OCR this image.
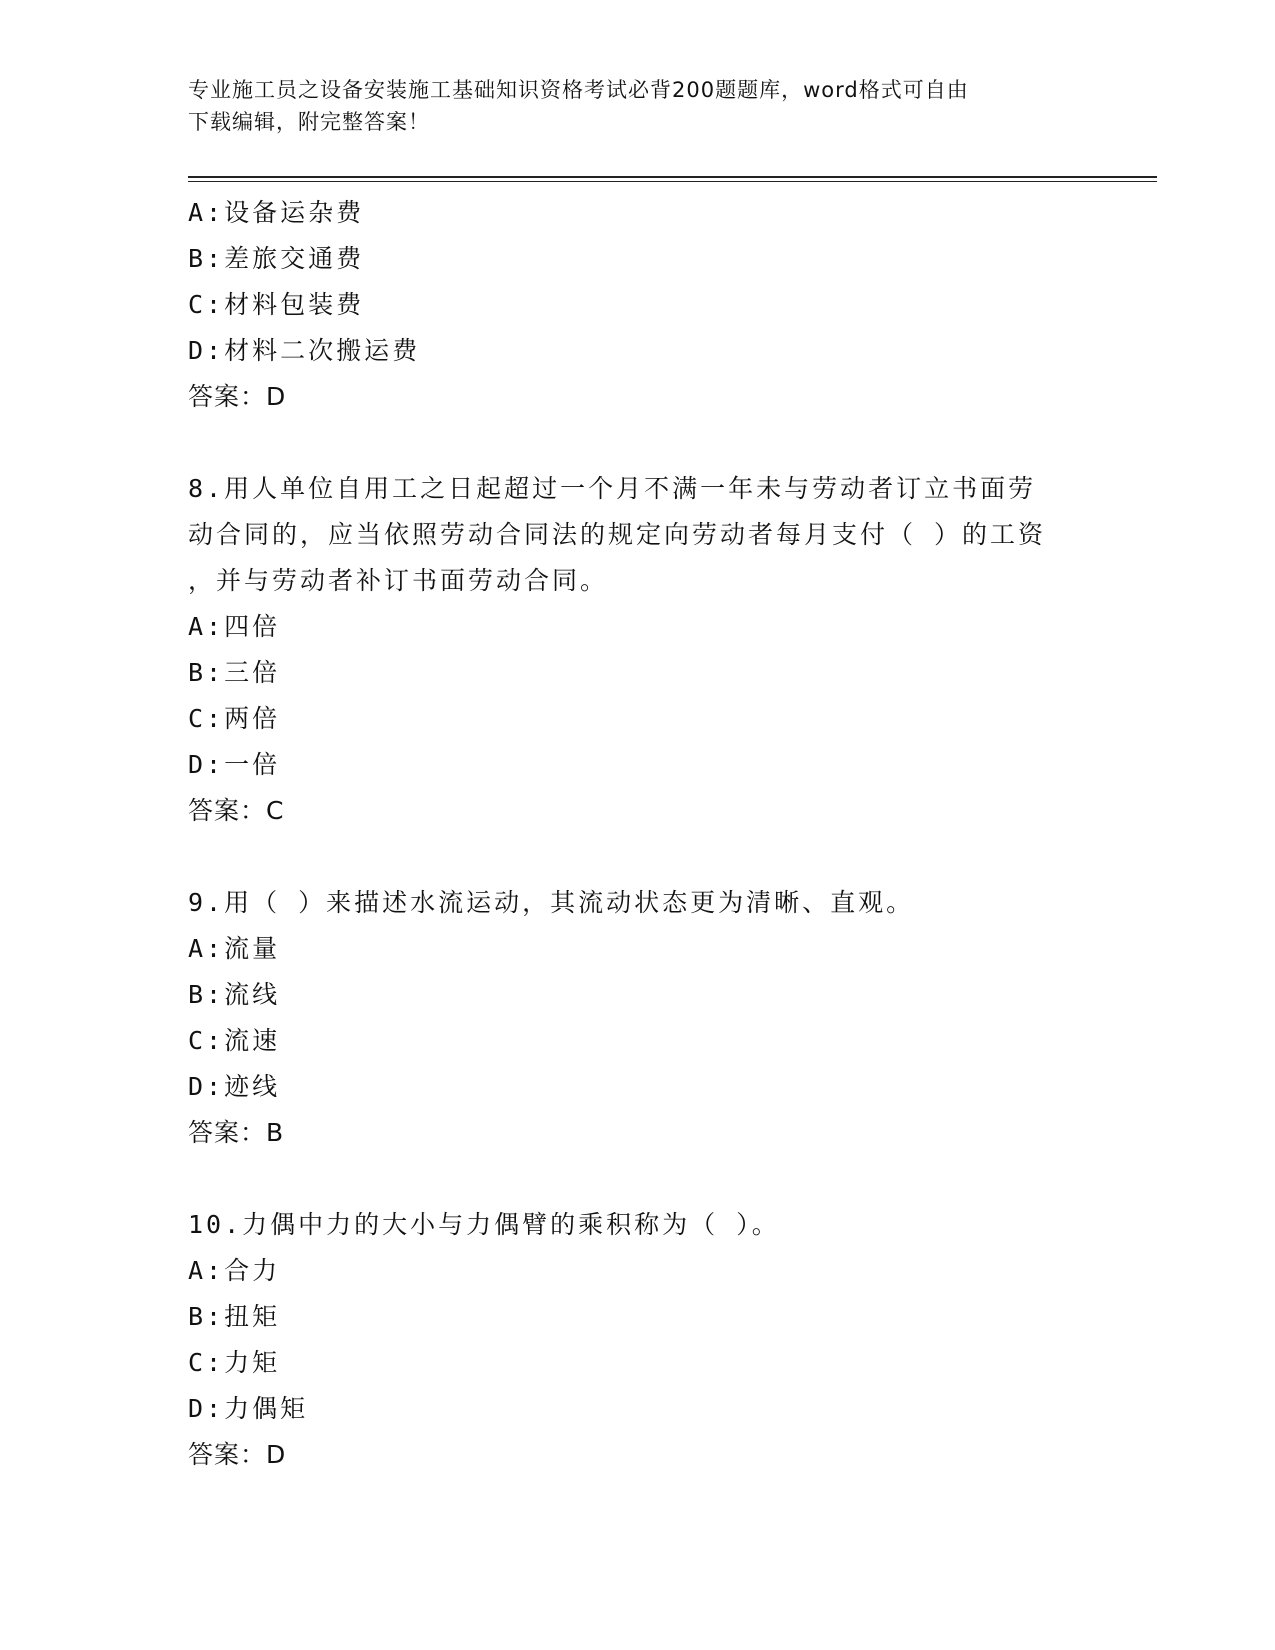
专业施工员之设备安装施工基础知识资格考试必背200题题库，word格式可自由
下载编辑，附完整答案！
A:设备运杂费
B:差旅交通费
C:材料包装费
D:材料二次搬运费
答案：D
8.用人单位自用工之日起超过一个月不满一年未与劳动者订立书面劳
动合同的，应当依照劳动合同法的规定向劳动者每月支付（ ）的工资
，并与劳动者补订书面劳动合同。
A:四倍
B:三倍
C:两倍
D:一倍
答案：C
9.用（ ）来描述水流运动，其流动状态更为清晰、直观。
A:流量
B:流线
C:流速
D:迹线
答案：B
10.力偶中力的大小与力偶臂的乘积称为（ ）。
A:合力
B:扭矩
C:力矩
D:力偶矩
答案：D
